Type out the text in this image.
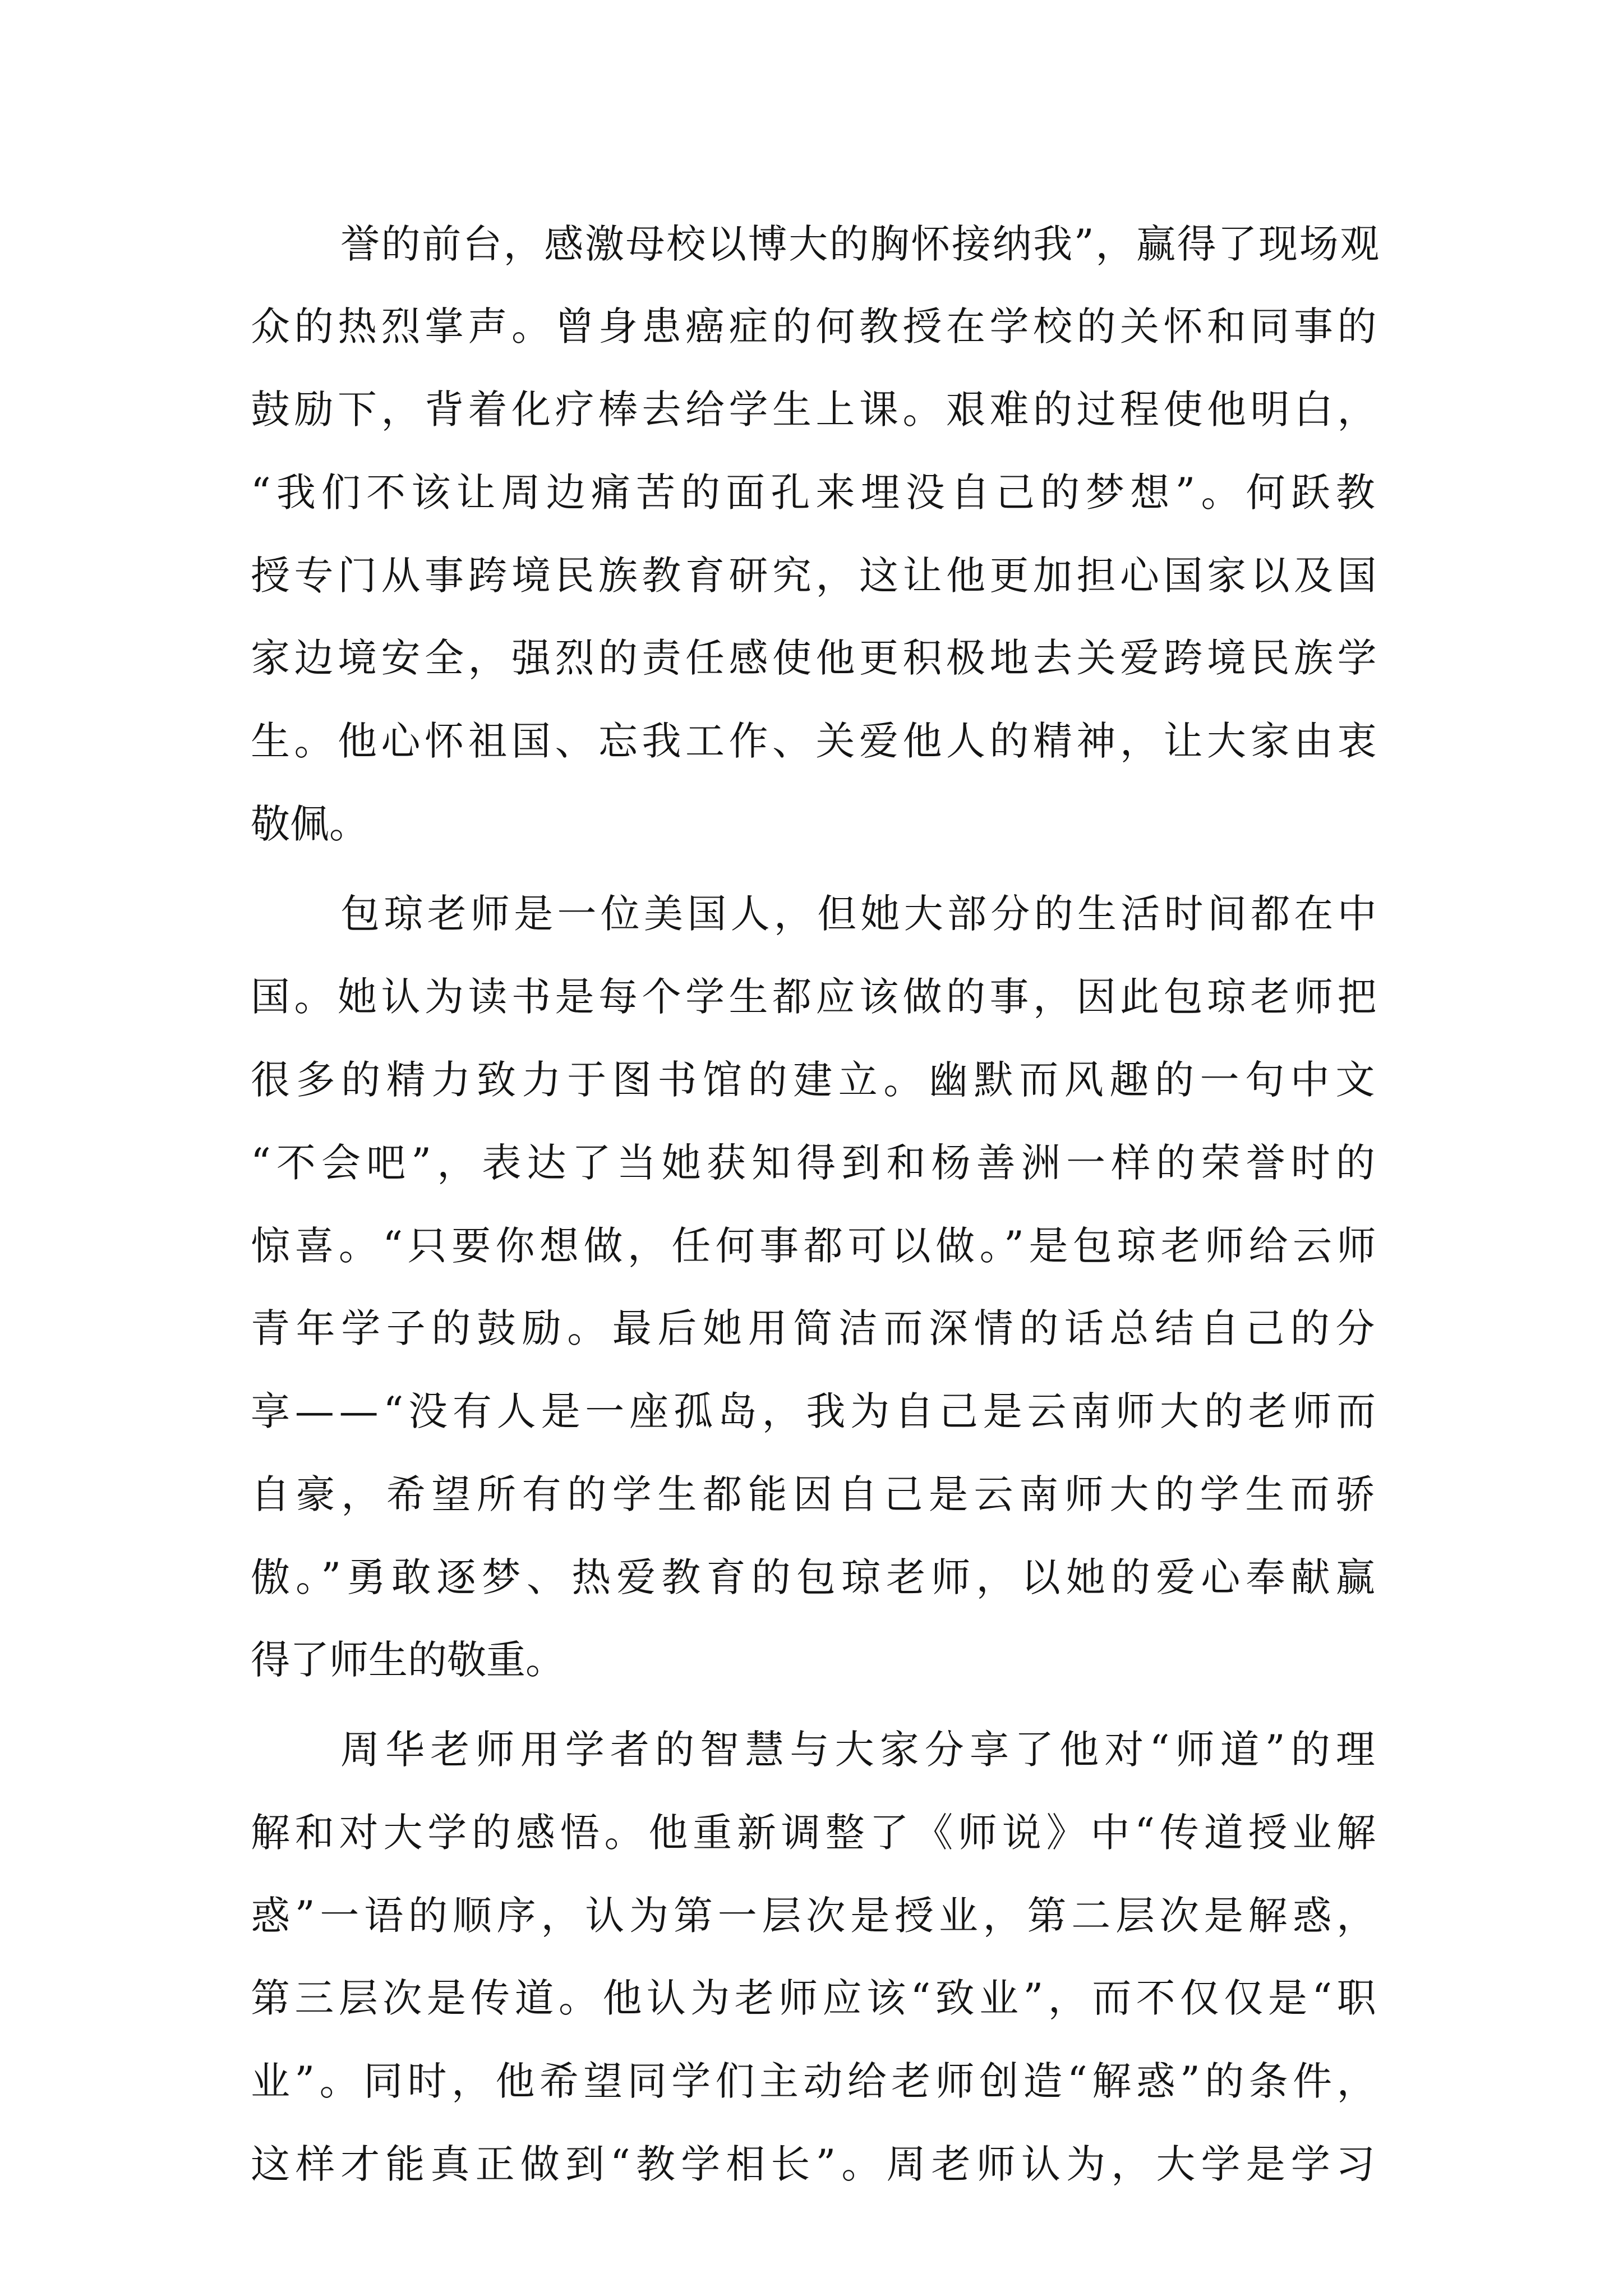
誉的前台，感激母校以博大的胸怀接纳我”，赢得了现场观
众的热烈掌声。曾身患癌症的何教授在学校的关怀和同事的
鼓励下，背着化疗棒去给学生上课。艰难的过程使他明白，
“我们不该让周边痛苦的面孔来埋没自己的梦想”。何跃教
授专门从事跨境民族教育研究，这让他更加担心国家以及国
家边境安全，强烈的责任感使他更积极地去关爱跨境民族学
生。他心怀祖国、忘我工作、关爱他人的精神，让大家由衷
敬佩。
包琼老师是一位美国人，但她大部分的生活时间都在中
国。她认为读书是每个学生都应该做的事，因此包琼老师把
很多的精力致力于图书馆的建立。幽默而风趣的一句中文
“不会吧”，表达了当她获知得到和杨善洲一样的荣誉时的
惊喜。“只要你想做，任何事都可以做。”是包琼老师给云师
青年学子的鼓励。最后她用简洁而深情的话总结自己的分
享——“没有人是一座孤岛，我为自己是云南师大的老师而
自豪，希望所有的学生都能因自己是云南师大的学生而骄
傲。”勇敢逐梦、热爱教育的包琼老师，以她的爱心奉献赢
得了师生的敬重。
周华老师用学者的智慧与大家分享了他对“师道”的理
解和对大学的感悟。他重新调整了《师说》中“传道授业解
惑”一语的顺序，认为第一层次是授业，第二层次是解惑，
第三层次是传道。他认为老师应该“致业”，而不仅仅是“职
业”。同时，他希望同学们主动给老师创造“解惑”的条件，
这样才能真正做到“教学相长”。周老师认为，大学是学习
